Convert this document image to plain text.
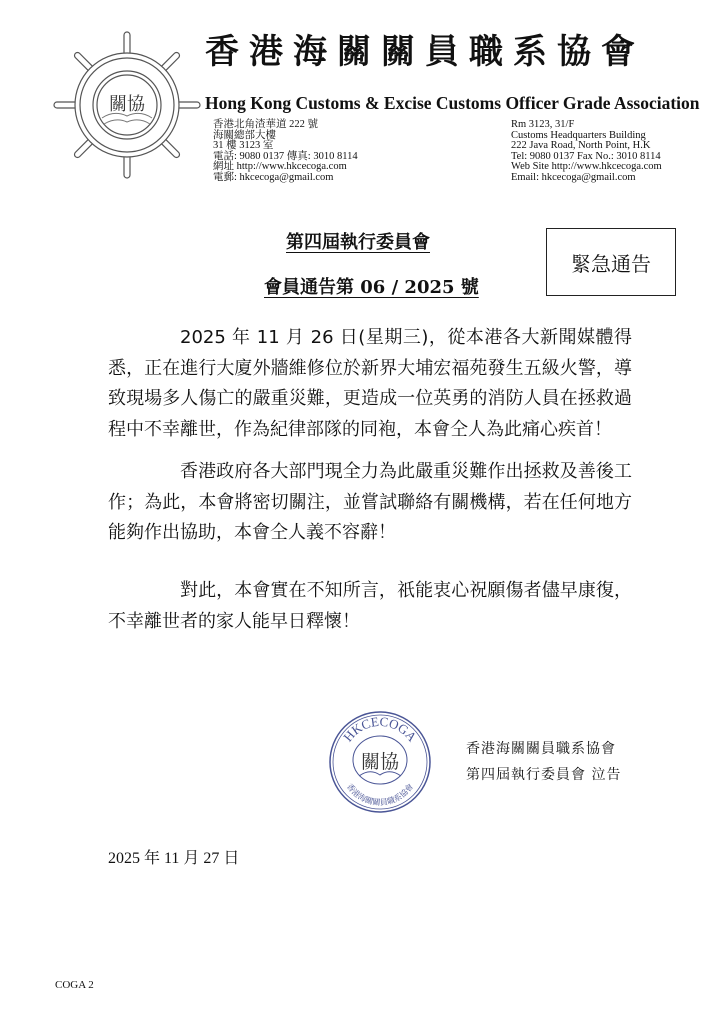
關協
香港海關關員職系協會
Hong Kong Customs & Excise Customs Officer Grade Association
香港北角渣華道 222 號
海關總部大樓
31 樓 3123 室
電話: 9080 0137 傳真: 3010 8114
網址 http://www.hkcecoga.com
電郵: hkcecoga@gmail.com
Rm 3123, 31/F
Customs Headquarters Building
222 Java Road, North Point, H.K
Tel: 9080 0137 Fax No.: 3010 8114
Web Site http://www.hkcecoga.com
Email: hkcecoga@gmail.com
第四屆執行委員會
會員通告第 06 / 2025 號
緊急通告

2025 年 11 月 26 日(星期三)，從本港各大新聞媒體得悉，正在進行大廈外牆維修位於新界大埔宏福苑發生五級火警，導致現場多人傷亡的嚴重災難，更造成一位英勇的消防人員在拯救過程中不幸離世，作為紀律部隊的同袍，本會仝人為此痛心疾首！

香港政府各大部門現全力為此嚴重災難作出拯救及善後工作；為此，本會將密切關注，並嘗試聯絡有關機構，若在任何地方能夠作出協助，本會仝人義不容辭！

對此，本會實在不知所言，祇能衷心祝願傷者儘早康復，不幸離世者的家人能早日釋懷！

HKCECOGA
香港海關關員職系協會
關協
香港海關關員職系協會
第四屆執行委員會 泣告
2025 年 11 月 27 日
COGA 2
